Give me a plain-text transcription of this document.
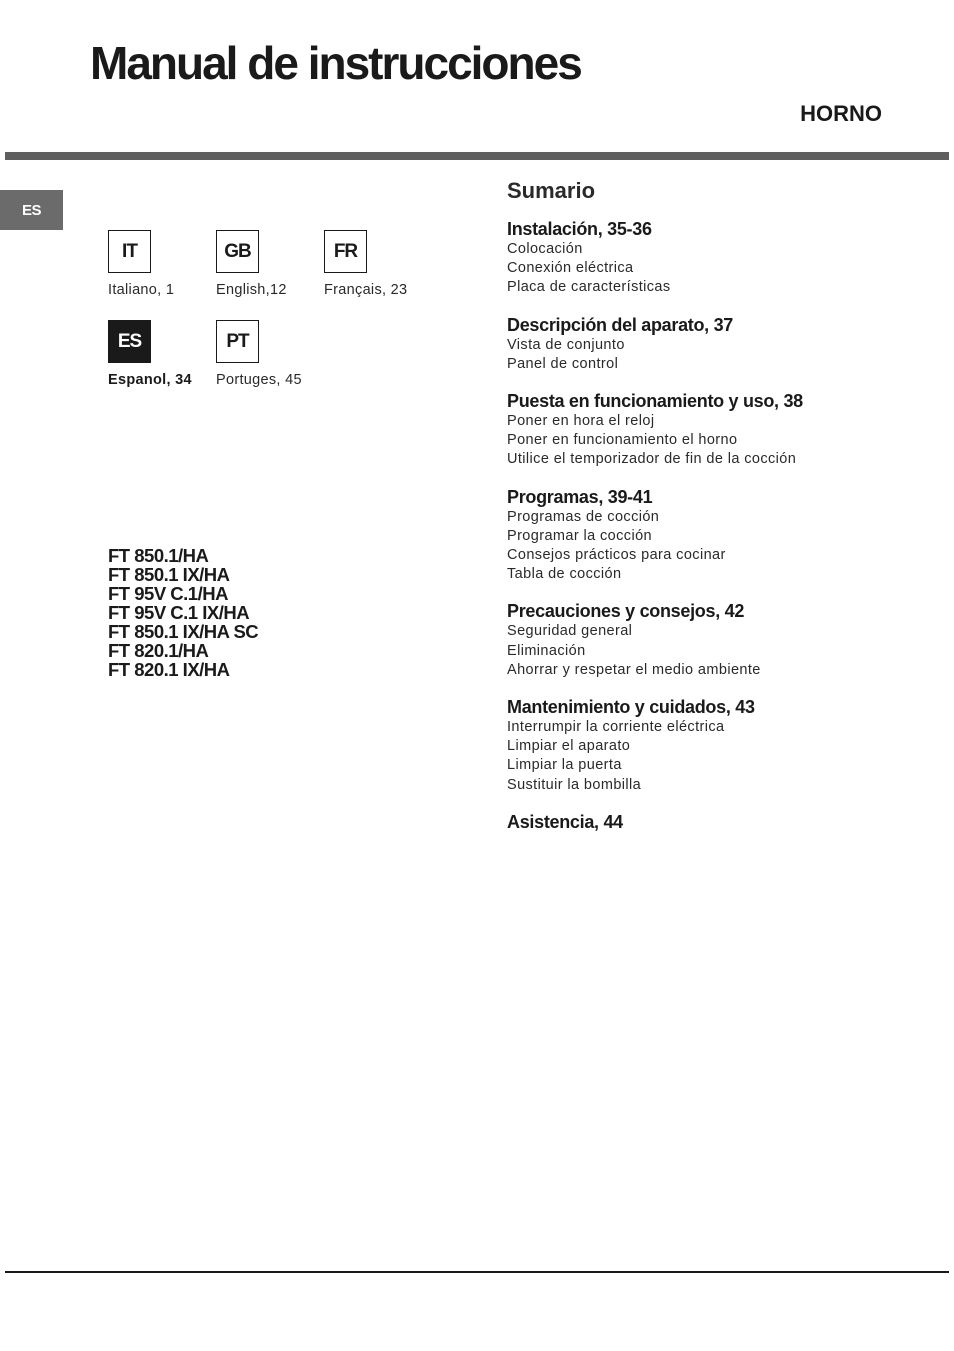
Manual de instrucciones
HORNO
ES
IT
Italiano, 1
GB
English,12
FR
Français, 23
ES
Espanol, 34
PT
Portuges, 45
FT 850.1/HA
FT 850.1 IX/HA
FT 95V C.1/HA
FT 95V C.1 IX/HA
FT 850.1 IX/HA SC
FT 820.1/HA
FT 820.1 IX/HA
Sumario
Instalación, 35-36
Colocación
Conexión eléctrica
Placa de características
Descripción del aparato, 37
Vista de conjunto
Panel de control
Puesta en funcionamiento y uso, 38
Poner en hora el reloj
Poner en funcionamiento el horno
Utilice el temporizador de fin de la cocción
Programas, 39-41
Programas de cocción
Programar la cocción
Consejos prácticos para cocinar
Tabla de cocción
Precauciones y consejos, 42
Seguridad general
Eliminación
Ahorrar y respetar el medio ambiente
Mantenimiento y cuidados, 43
Interrumpir la corriente eléctrica
Limpiar el aparato
Limpiar la puerta
Sustituir la bombilla
Asistencia, 44
